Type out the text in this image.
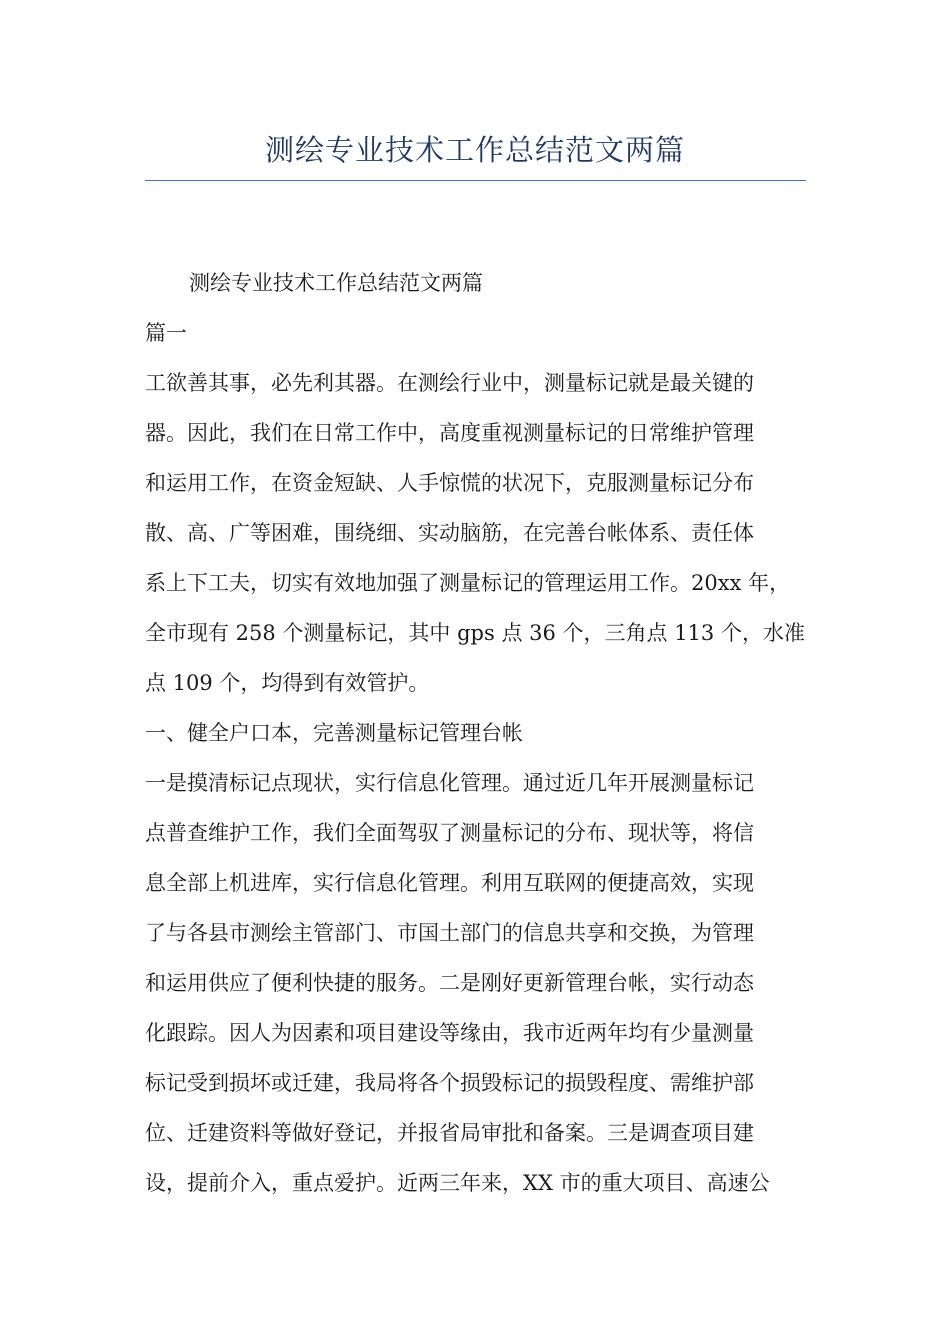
测绘专业技术工作总结范文两篇
测绘专业技术工作总结范文两篇
篇一
工欲善其事，必先利其器。在测绘行业中，测量标记就是最关键的
器。因此，我们在日常工作中，高度重视测量标记的日常维护管理
和运用工作，在资金短缺、人手惊慌的状况下，克服测量标记分布
散、高、广等困难，围绕细、实动脑筋，在完善台帐体系、责任体
系上下工夫，切实有效地加强了测量标记的管理运用工作。20xx 年，
全市现有 258 个测量标记，其中 gps 点 36 个，三角点 113 个，水准
点 109 个，均得到有效管护。
一、健全户口本，完善测量标记管理台帐
一是摸清标记点现状，实行信息化管理。通过近几年开展测量标记
点普查维护工作，我们全面驾驭了测量标记的分布、现状等，将信
息全部上机进库，实行信息化管理。利用互联网的便捷高效，实现
了与各县市测绘主管部门、市国土部门的信息共享和交换，为管理
和运用供应了便利快捷的服务。二是刚好更新管理台帐，实行动态
化跟踪。因人为因素和项目建设等缘由，我市近两年均有少量测量
标记受到损坏或迁建，我局将各个损毁标记的损毁程度、需维护部
位、迁建资料等做好登记，并报省局审批和备案。三是调查项目建
设，提前介入，重点爱护。近两三年来，XX 市的重大项目、高速公
